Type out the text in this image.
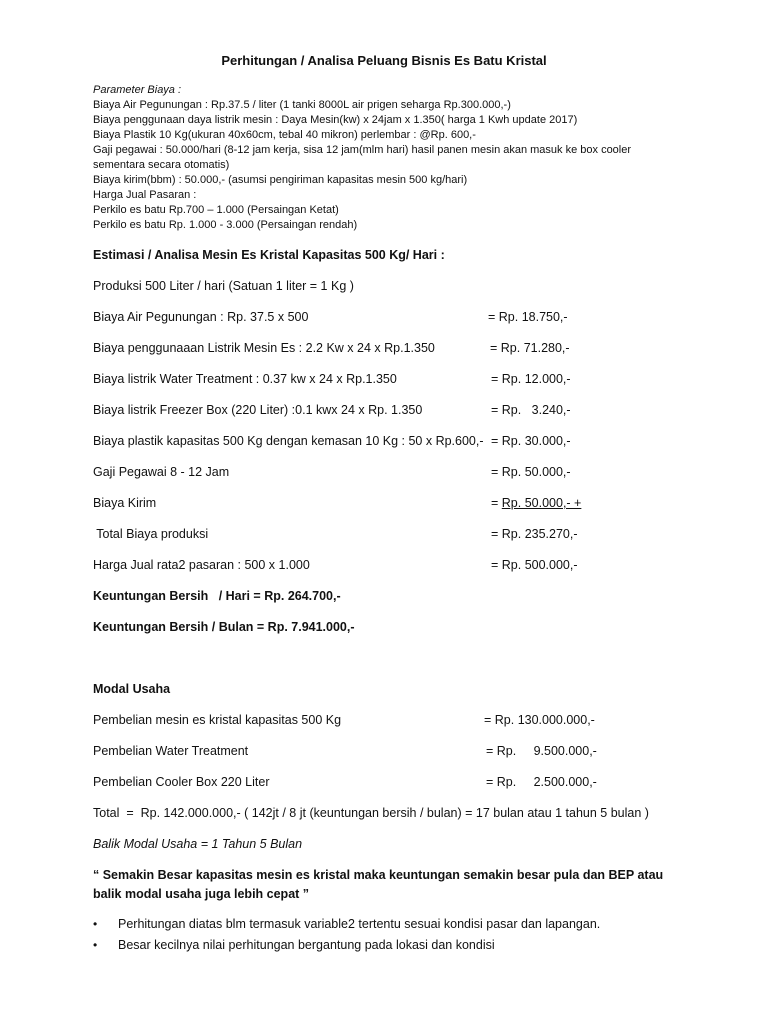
Perhitungan / Analisa Peluang Bisnis Es Batu Kristal
Parameter Biaya :
Biaya Air Pegunungan : Rp.37.5 / liter (1 tanki 8000L air prigen seharga Rp.300.000,-)
Biaya penggunaan daya listrik mesin : Daya Mesin(kw) x 24jam x 1.350( harga 1 Kwh update 2017)
Biaya Plastik 10 Kg(ukuran 40x60cm, tebal 40 mikron) perlembar : @Rp. 600,-
Gaji pegawai : 50.000/hari (8-12 jam kerja, sisa 12 jam(mlm hari) hasil panen mesin akan masuk ke box cooler
sementara secara otomatis)
Biaya kirim(bbm) : 50.000,- (asumsi pengiriman kapasitas mesin 500 kg/hari)
Harga Jual Pasaran :
Perkilo es batu Rp.700 – 1.000 (Persaingan Ketat)
Perkilo es batu Rp. 1.000 - 3.000 (Persaingan rendah)
Estimasi / Analisa Mesin Es Kristal Kapasitas 500 Kg/ Hari :
Produksi 500 Liter / hari (Satuan 1 liter = 1 Kg )
Biaya Air Pegunungan : Rp. 37.5 x 500	= Rp. 18.750,-
Biaya penggunaaan Listrik Mesin Es : 2.2 Kw x 24 x Rp.1.350	= Rp. 71.280,-
Biaya listrik Water Treatment : 0.37 kw x 24 x Rp.1.350	= Rp. 12.000,-
Biaya listrik Freezer Box (220 Liter) :0.1 kwx 24 x Rp. 1.350	= Rp.   3.240,-
Biaya plastik kapasitas 500 Kg dengan kemasan 10 Kg : 50 x Rp.600,- = Rp. 30.000,-
Gaji Pegawai 8 - 12 Jam	= Rp. 50.000,-
Biaya Kirim	= Rp. 50.000,- +
Total Biaya produksi	= Rp. 235.270,-
Harga Jual rata2 pasaran : 500 x 1.000	= Rp. 500.000,-
Keuntungan Bersih   / Hari = Rp. 264.700,-
Keuntungan Bersih / Bulan = Rp. 7.941.000,-
Modal Usaha
Pembelian mesin es kristal kapasitas 500 Kg	= Rp. 130.000.000,-
Pembelian Water Treatment	= Rp.     9.500.000,-
Pembelian Cooler Box 220 Liter	= Rp.     2.500.000,-
Total  =  Rp. 142.000.000,- ( 142jt / 8 jt (keuntungan bersih / bulan) = 17 bulan atau 1 tahun 5 bulan )
Balik Modal Usaha = 1 Tahun 5 Bulan
“ Semakin Besar kapasitas mesin es kristal maka keuntungan semakin besar pula dan BEP atau
balik modal usaha juga lebih cepat ”
• Perhitungan diatas blm termasuk variable2 tertentu sesuai kondisi pasar dan lapangan.
• Besar kecilnya nilai perhitungan bergantung pada lokasi dan kondisi
